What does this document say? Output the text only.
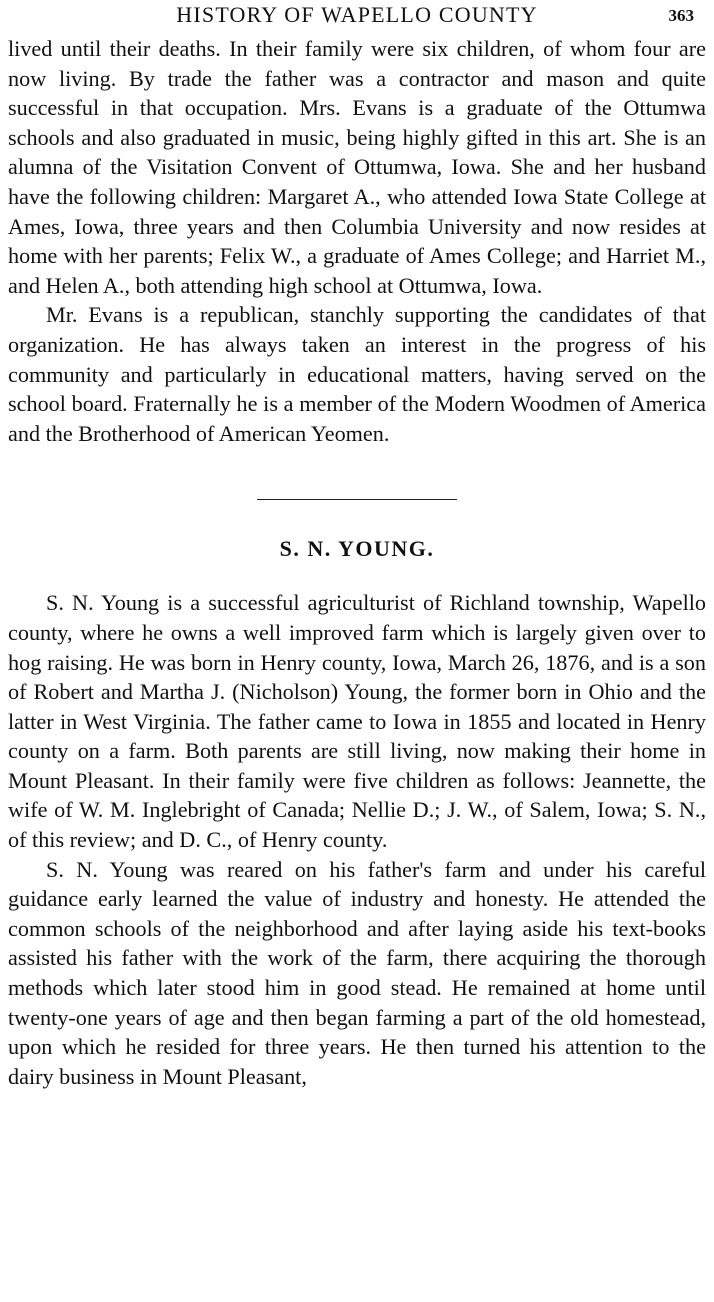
HISTORY OF WAPELLO COUNTY	363

lived until their deaths. In their family were six children, of whom four are now living. By trade the father was a contractor and mason and quite successful in that occupation. Mrs. Evans is a graduate of the Ottumwa schools and also graduated in music, being highly gifted in this art. She is an alumna of the Visitation Convent of Ottumwa, Iowa. She and her husband have the following children: Margaret A., who attended Iowa State College at Ames, Iowa, three years and then Columbia University and now resides at home with her parents; Felix W., a graduate of Ames College; and Harriet M., and Helen A., both attending high school at Ottumwa, Iowa.

Mr. Evans is a republican, stanchly supporting the candidates of that organization. He has always taken an interest in the progress of his community and particularly in educational matters, having served on the school board. Fraternally he is a member of the Modern Woodmen of America and the Brotherhood of American Yeomen.

S. N. YOUNG.

S. N. Young is a successful agriculturist of Richland township, Wapello county, where he owns a well improved farm which is largely given over to hog raising. He was born in Henry county, Iowa, March 26, 1876, and is a son of Robert and Martha J. (Nicholson) Young, the former born in Ohio and the latter in West Virginia. The father came to Iowa in 1855 and located in Henry county on a farm. Both parents are still living, now making their home in Mount Pleasant. In their family were five children as follows: Jeannette, the wife of W. M. Inglebright of Canada; Nellie D.; J. W., of Salem, Iowa; S. N., of this review; and D. C., of Henry county.

S. N. Young was reared on his father's farm and under his careful guidance early learned the value of industry and honesty. He attended the common schools of the neighborhood and after laying aside his text-books assisted his father with the work of the farm, there acquiring the thorough methods which later stood him in good stead. He remained at home until twenty-one years of age and then began farming a part of the old homestead, upon which he resided for three years. He then turned his attention to the dairy business in Mount Pleasant,
